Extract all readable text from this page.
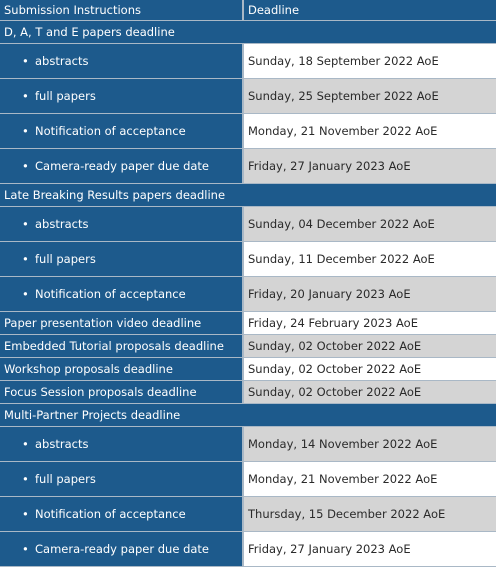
Submission Instructions	Deadline
D, A, T and E papers deadline	
• abstracts	Sunday, 18 September 2022 AoE
• full papers	Sunday, 25 September 2022 AoE
• Notification of acceptance	Monday, 21 November 2022 AoE
• Camera-ready paper due date	Friday, 27 January 2023 AoE
Late Breaking Results papers deadline	
• abstracts	Sunday, 04 December 2022 AoE
• full papers	Sunday, 11 December 2022 AoE
• Notification of acceptance	Friday, 20 January 2023 AoE
Paper presentation video deadline	Friday, 24 February 2023 AoE
Embedded Tutorial proposals deadline	Sunday, 02 October 2022 AoE
Workshop proposals deadline	Sunday, 02 October 2022 AoE
Focus Session proposals deadline	Sunday, 02 October 2022 AoE
Multi-Partner Projects deadline	
• abstracts	Monday, 14 November 2022 AoE
• full papers	Monday, 21 November 2022 AoE
• Notification of acceptance	Thursday, 15 December 2022 AoE
• Camera-ready paper due date	Friday, 27 January 2023 AoE 知乎 @依蒙
